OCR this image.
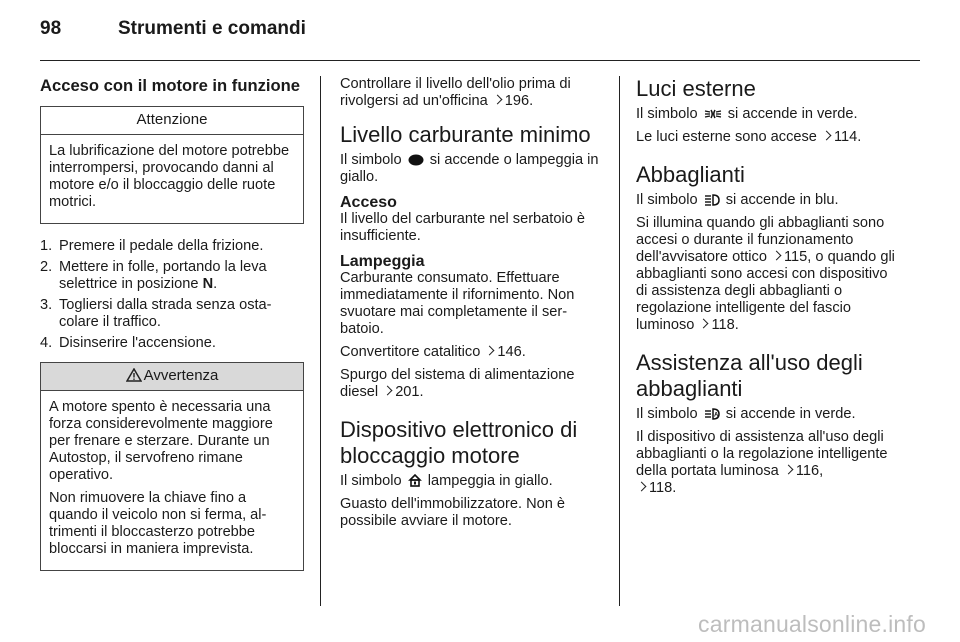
98	Strumenti e comandi
Acceso con il motore in funzione
Attenzione

La lubrificazione del motore potrebbe interrompersi, provocando danni al motore e/o il bloccaggio delle ruote motrici.

1. Premere il pedale della frizione.
2. Mettere in folle, portando la leva selettrice in posizione N.
3. Togliersi dalla strada senza ostacolare il traffico.
4. Disinserire l'accensione.
Avvertenza

A motore spento è necessaria una forza considerevolmente maggiore per frenare e sterzare. Durante un Autostop, il servofreno rimane operativo.

Non rimuovere la chiave fino a quando il veicolo non si ferma, altrimenti il bloccasterzo potrebbe bloccarsi in maniera imprevista.

Controllare il livello dell'olio prima di rivolgersi ad un'officina 196.

Livello carburante minimo

Il simbolo  si accende o lampeggia in giallo.

Acceso

Il livello del carburante nel serbatoio è insufficiente.

Lampeggia

Carburante consumato. Effettuare immediatamente il rifornimento. Non svuotare mai completamente il serbatoio.

Convertitore catalitico 146.

Spurgo del sistema di alimentazione diesel 201.

Dispositivo elettronico di bloccaggio motore

Il simbolo  lampeggia in giallo.

Guasto dell'immobilizzatore. Non è possibile avviare il motore.

Luci esterne

Il simbolo  si accende in verde.

Le luci esterne sono accese 114.

Abbaglianti

Il simbolo  si accende in blu.

Si illumina quando gli abbaglianti sono accesi o durante il funzionamento dell'avvisatore ottico 115, o quando gli abbaglianti sono accesi con dispositivo di assistenza degli abbaglianti o regolazione intelligente del fascio luminoso 118.

Assistenza all'uso degli abbaglianti

Il simbolo A si accende in verde.

Il dispositivo di assistenza all'uso degli abbaglianti o la regolazione intelligente della portata luminosa 116,
118.

carmanualsonline.info
